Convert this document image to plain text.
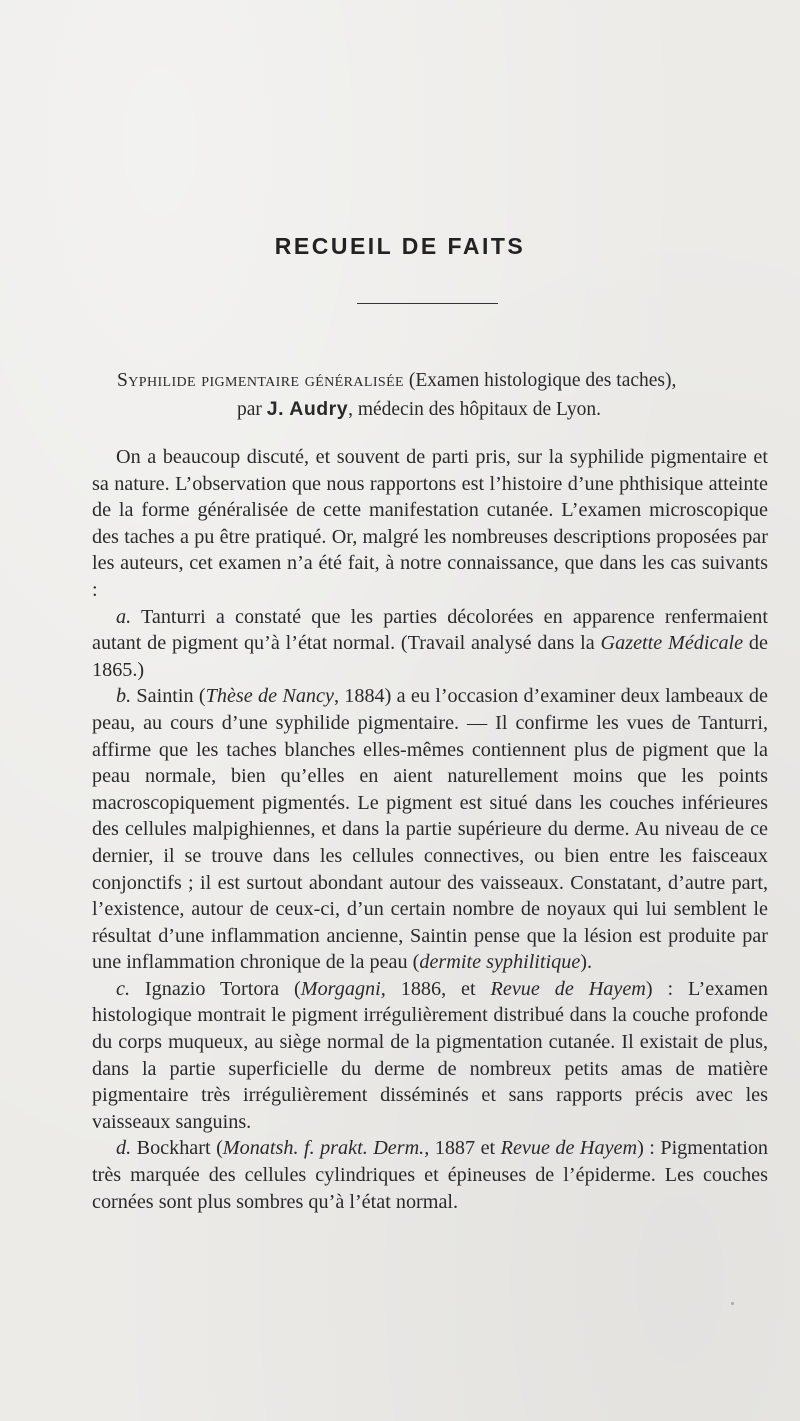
RECUEIL DE FAITS
Syphilide pigmentaire généralisée (Examen histologique des taches),
par J. Audry, médecin des hôpitaux de Lyon.

On a beaucoup discuté, et souvent de parti pris, sur la syphilide pigmentaire et sa nature. L’observation que nous rapportons est l’histoire d’une phthisique atteinte de la forme généralisée de cette manifestation cutanée. L’examen microscopique des taches a pu être pratiqué. Or, malgré les nombreuses descriptions proposées par les auteurs, cet examen n’a été fait, à notre connaissance, que dans les cas suivants :

a. Tanturri a constaté que les parties décolorées en apparence renfermaient autant de pigment qu’à l’état normal. (Travail analysé dans la Gazette Médicale de 1865.)

b. Saintin (Thèse de Nancy, 1884) a eu l’occasion d’examiner deux lambeaux de peau, au cours d’une syphilide pigmentaire. — Il confirme les vues de Tanturri, affirme que les taches blanches elles-mêmes contiennent plus de pigment que la peau normale, bien qu’elles en aient naturellement moins que les points macroscopiquement pigmentés. Le pigment est situé dans les couches inférieures des cellules malpighiennes, et dans la partie supérieure du derme. Au niveau de ce dernier, il se trouve dans les cellules connectives, ou bien entre les faisceaux conjonctifs ; il est surtout abondant autour des vaisseaux. Constatant, d’autre part, l’existence, autour de ceux-ci, d’un certain nombre de noyaux qui lui semblent le résultat d’une inflammation ancienne, Saintin pense que la lésion est produite par une inflammation chronique de la peau (dermite syphilitique).

c. Ignazio Tortora (Morgagni, 1886, et Revue de Hayem) : L’examen histologique montrait le pigment irrégulièrement distribué dans la couche profonde du corps muqueux, au siège normal de la pigmentation cutanée. Il existait de plus, dans la partie superficielle du derme de nombreux petits amas de matière pigmentaire très irrégulièrement disséminés et sans rapports précis avec les vaisseaux sanguins.

d. Bockhart (Monatsh. f. prakt. Derm., 1887 et Revue de Hayem) : Pigmentation très marquée des cellules cylindriques et épineuses de l’épiderme. Les couches cornées sont plus sombres qu’à l’état normal.
